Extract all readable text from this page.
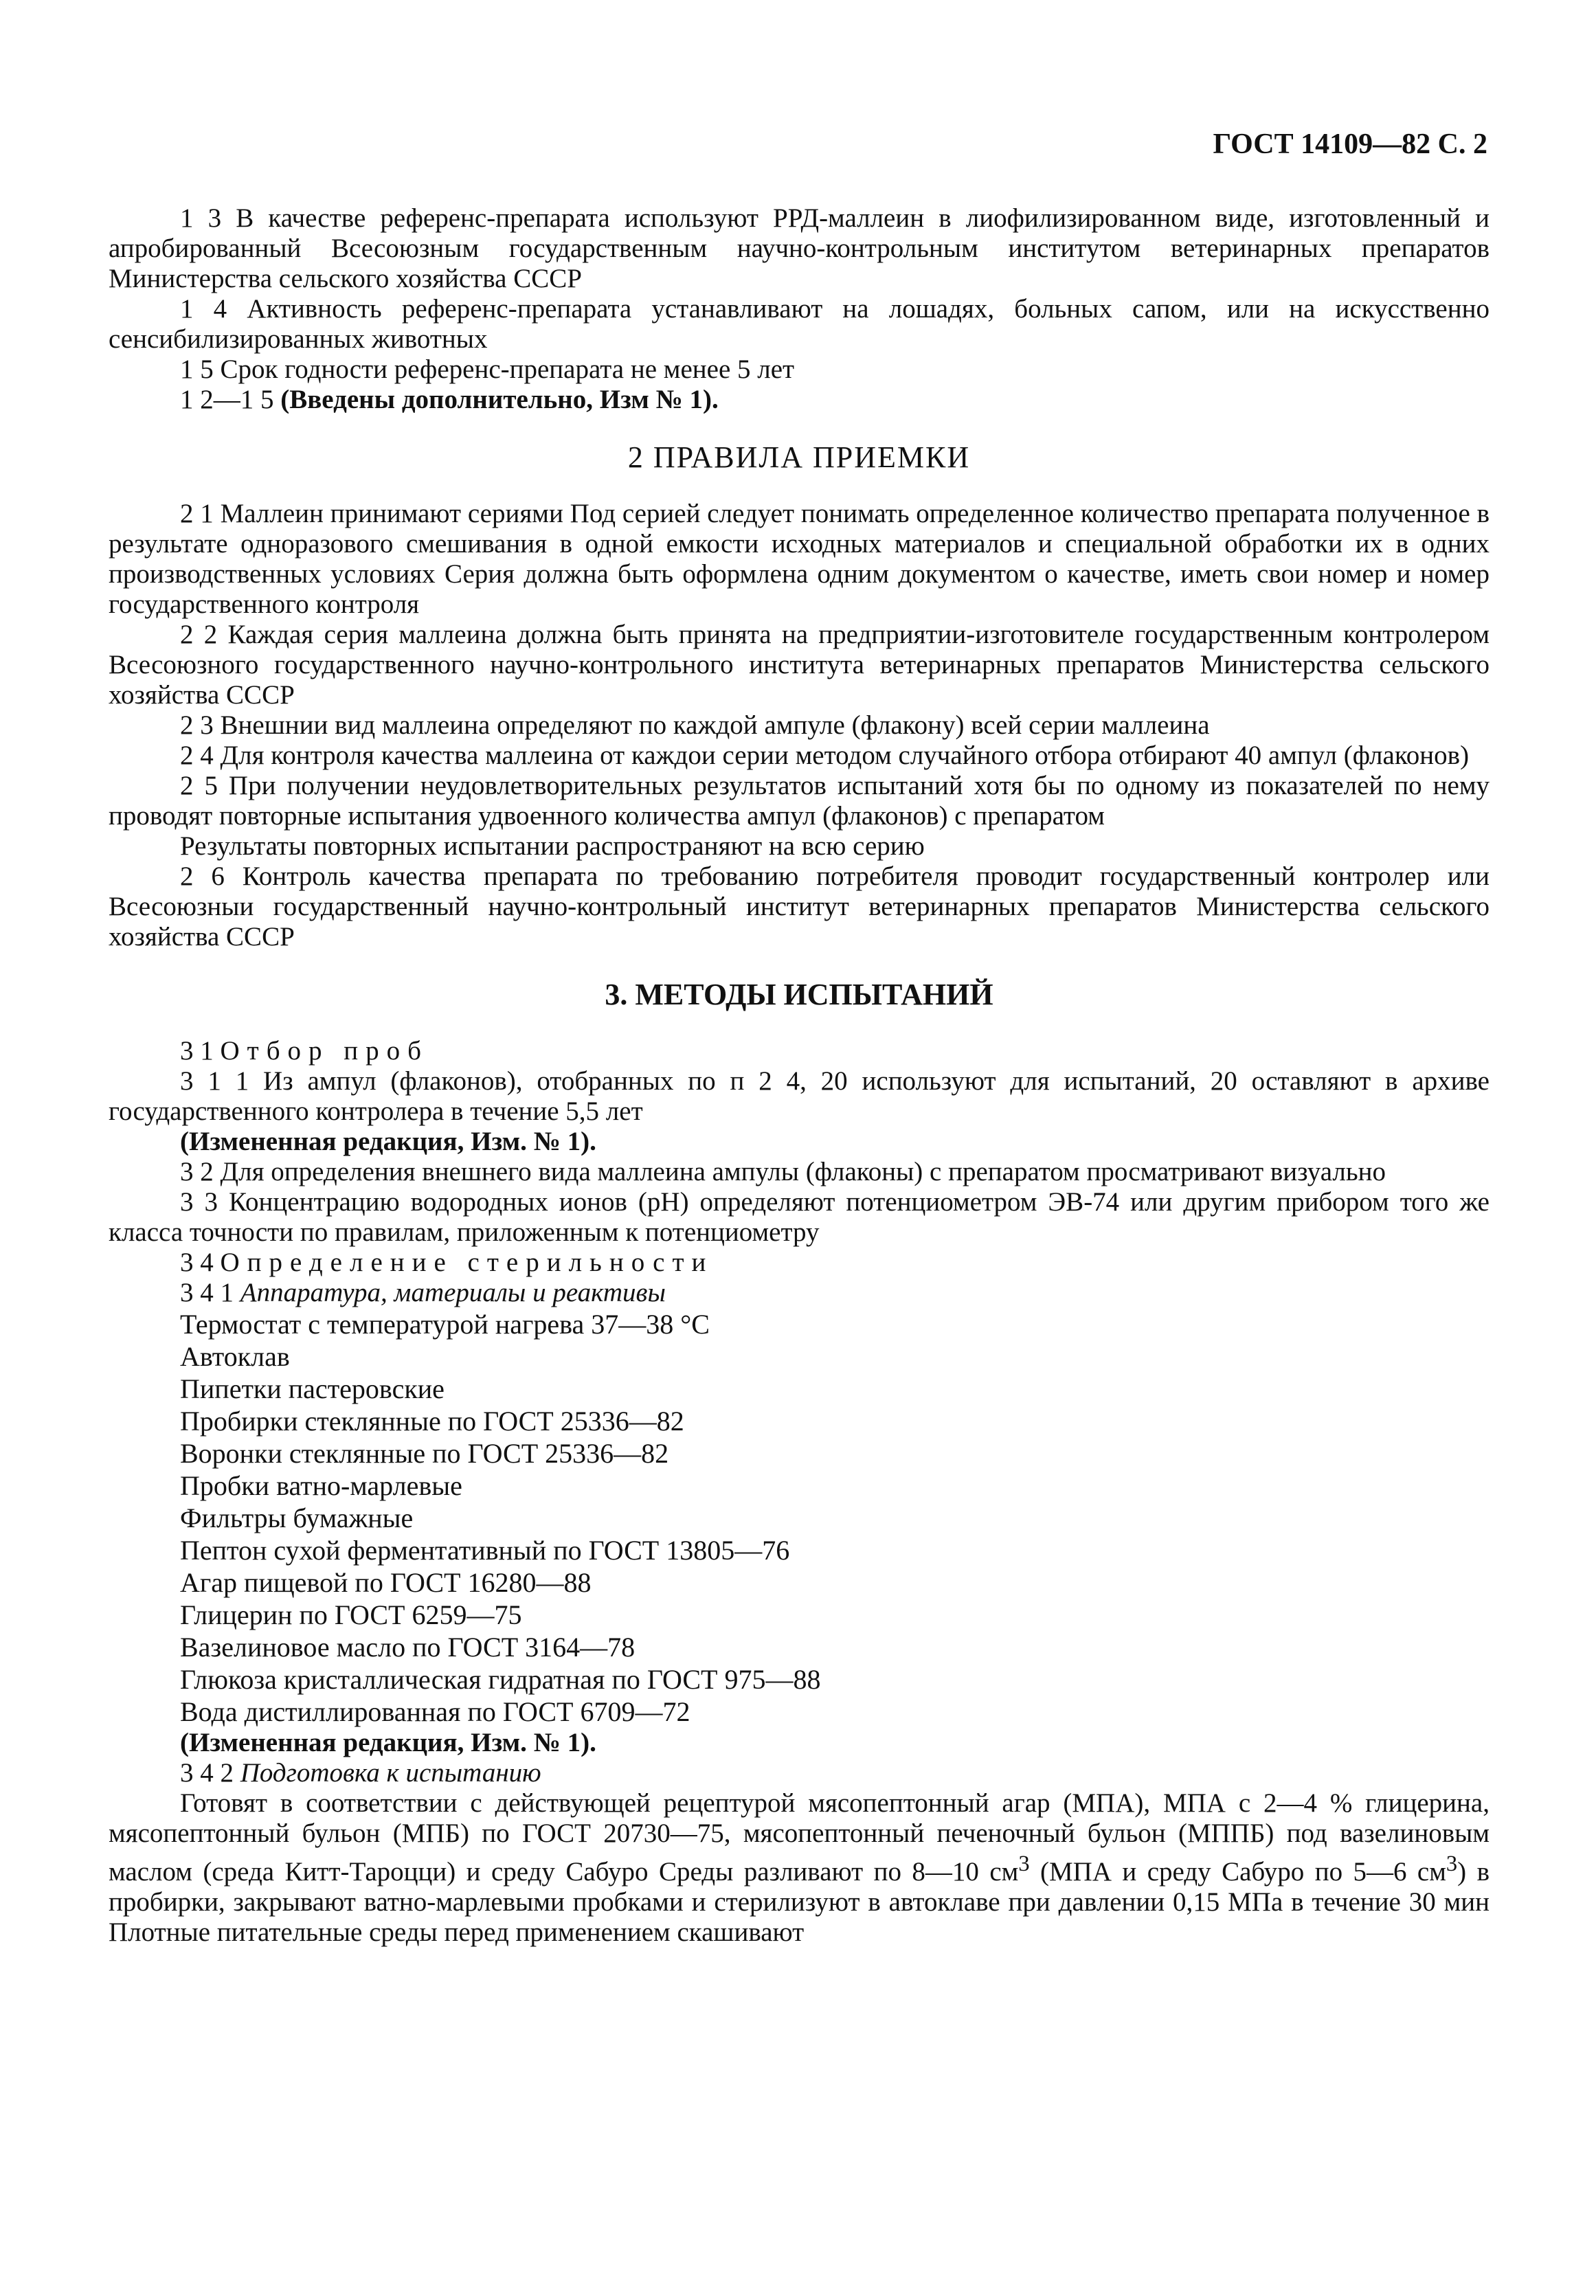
ГОСТ 14109—82 С. 2

1 3 В качестве референс-препарата используют РРД-маллеин в лиофилизированном виде, изготовленный и апробированный Всесоюзным государственным научно-контрольным институтом ветеринарных препаратов Министерства сельского хозяйства СССР

1 4 Активность референс-препарата устанавливают на лошадях, больных сапом, или на искусственно сенсибилизированных животных

1 5 Срок годности референс-препарата не менее 5 лет

1 2—1 5 (Введены дополнительно, Изм № 1).

2 ПРАВИЛА ПРИЕМКИ

2 1 Маллеин принимают сериями Под серией следует понимать определенное количество препарата полученное в результате одноразового смешивания в одной емкости исходных материалов и специальной обработки их в одних производственных условиях Серия должна быть оформлена одним документом о качестве, иметь свои номер и номер государственного контроля

2 2 Каждая серия маллеина должна быть принята на предприятии-изготовителе государственным контролером Всесоюзного государственного научно-контрольного института ветеринарных препаратов Министерства сельского хозяйства СССР

2 3 Внешнии вид маллеина определяют по каждой ампуле (флакону) всей серии маллеина

2 4 Для контроля качества маллеина от каждои серии методом случайного отбора отбирают 40 ампул (флаконов)

2 5 При получении неудовлетворительных результатов испытаний хотя бы по одному из показателей по нему проводят повторные испытания удвоенного количества ампул (флаконов) с препаратом

Результаты повторных испытании распространяют на всю серию

2 6 Контроль качества препарата по требованию потребителя проводит государственный контролер или Всесоюзныи государственный научно-контрольный институт ветеринарных препаратов Министерства сельского хозяйства СССР

3. МЕТОДЫ ИСПЫТАНИЙ

3 1 Отбор проб

3 1 1 Из ампул (флаконов), отобранных по п 2 4, 20 используют для испытаний, 20 оставляют в архиве государственного контролера в течение 5,5 лет

(Измененная редакция, Изм. № 1).

3 2 Для определения внешнего вида маллеина ампулы (флаконы) с препаратом просматривают визуально

3 3 Концентрацию водородных ионов (pH) определяют потенциометром ЭВ-74 или другим прибором того же класса точности по правилам, приложенным к потенциометру

3 4 Определение стерильности

3 4 1 Аппаратура, материалы и реактивы

Термостат с температурой нагрева 37—38 °С

Автоклав

Пипетки пастеровские

Пробирки стеклянные по ГОСТ 25336—82

Воронки стеклянные по ГОСТ 25336—82

Пробки ватно-марлевые

Фильтры бумажные

Пептон сухой ферментативный по ГОСТ 13805—76

Агар пищевой по ГОСТ 16280—88

Глицерин по ГОСТ 6259—75

Вазелиновое масло по ГОСТ 3164—78

Глюкоза кристаллическая гидратная по ГОСТ 975—88

Вода дистиллированная по ГОСТ 6709—72

(Измененная редакция, Изм. № 1).

3 4 2 Подготовка к испытанию

Готовят в соответствии с действующей рецептурой мясопептонный агар (МПА), МПА с 2—4 % глицерина, мясопептонный бульон (МПБ) по ГОСТ 20730—75, мясопептонный печеночный бульон (МППБ) под вазелиновым маслом (среда Китт-Тароцци) и среду Сабуро Среды разливают по 8—10 $см^3$ (МПА и среду Сабуро по 5—6 $см^3$) в пробирки, закрывают ватно-марлевыми пробками и стерилизуют в автоклаве при давлении 0,15 МПа в течение 30 мин Плотные питательные среды перед применением скашивают
